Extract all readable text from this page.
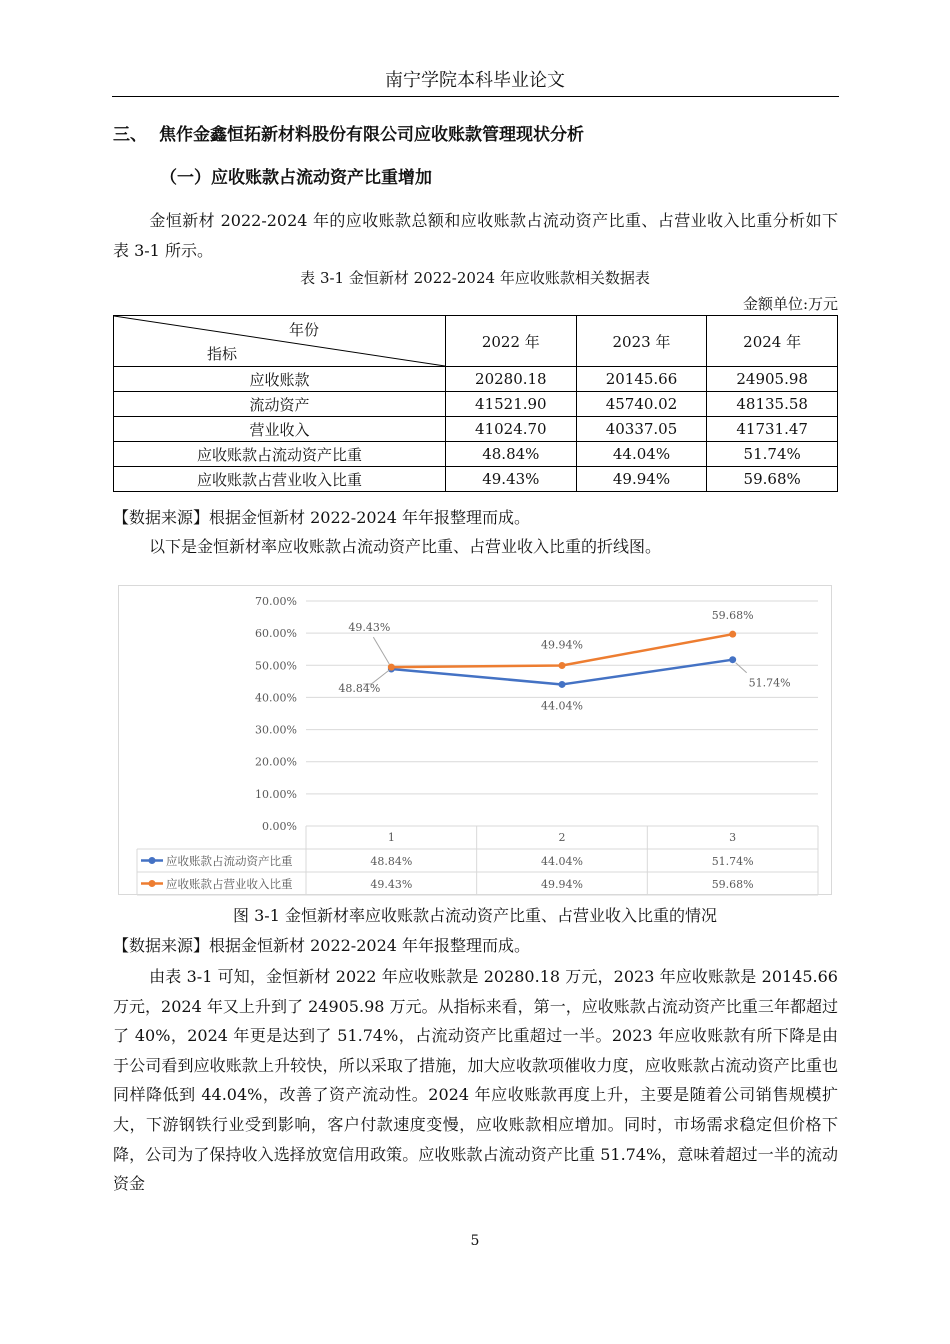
南宁学院本科毕业论文
三、 焦作金鑫恒拓新材料股份有限公司应收账款管理现状分析
（一）应收账款占流动资产比重增加
金恒新材 2022-2024 年的应收账款总额和应收账款占流动资产比重、占营业收入比重分析如下表 3-1 所示。
表 3-1 金恒新材 2022-2024 年应收账款相关数据表
金额单位:万元
年份
指标	2022 年	2023 年	2024 年
应收账款	20280.18	20145.66	24905.98
流动资产	41521.90	45740.02	48135.58
营业收入	41024.70	40337.05	41731.47
应收账款占流动资产比重	48.84%	44.04%	51.74%
应收账款占营业收入比重	49.43%	49.94%	59.68%
【数据来源】根据金恒新材 2022-2024 年年报整理而成。
以下是金恒新材率应收账款占流动资产比重、占营业收入比重的折线图。
0.00%
10.00%
20.00%
30.00%
40.00%
50.00%
60.00%
70.00%
1	2	3
应收账款占流动资产比重	48.84%	44.04%	51.74%
应收账款占营业收入比重	49.43%	49.94%	59.68%
48.84%
44.04%
51.74%
49.43%
49.94%
59.68%
图 3-1 金恒新材率应收账款占流动资产比重、占营业收入比重的情况
【数据来源】根据金恒新材 2022-2024 年年报整理而成。
由表 3-1 可知，金恒新材 2022 年应收账款是 20280.18 万元，2023 年应收账款是 20145.66 万元，2024 年又上升到了 24905.98 万元。从指标来看，第一，应收账款占流动资产比重三年都超过了 40%，2024 年更是达到了 51.74%，占流动资产比重超过一半。2023 年应收账款有所下降是由于公司看到应收账款上升较快，所以采取了措施，加大应收款项催收力度，应收账款占流动资产比重也同样降低到 44.04%，改善了资产流动性。2024 年应收账款再度上升，主要是随着公司销售规模扩大，下游钢铁行业受到影响，客户付款速度变慢，应收账款相应增加。同时，市场需求稳定但价格下降，公司为了保持收入选择放宽信用政策。应收账款占流动资产比重 51.74%，意味着超过一半的流动资金
5
